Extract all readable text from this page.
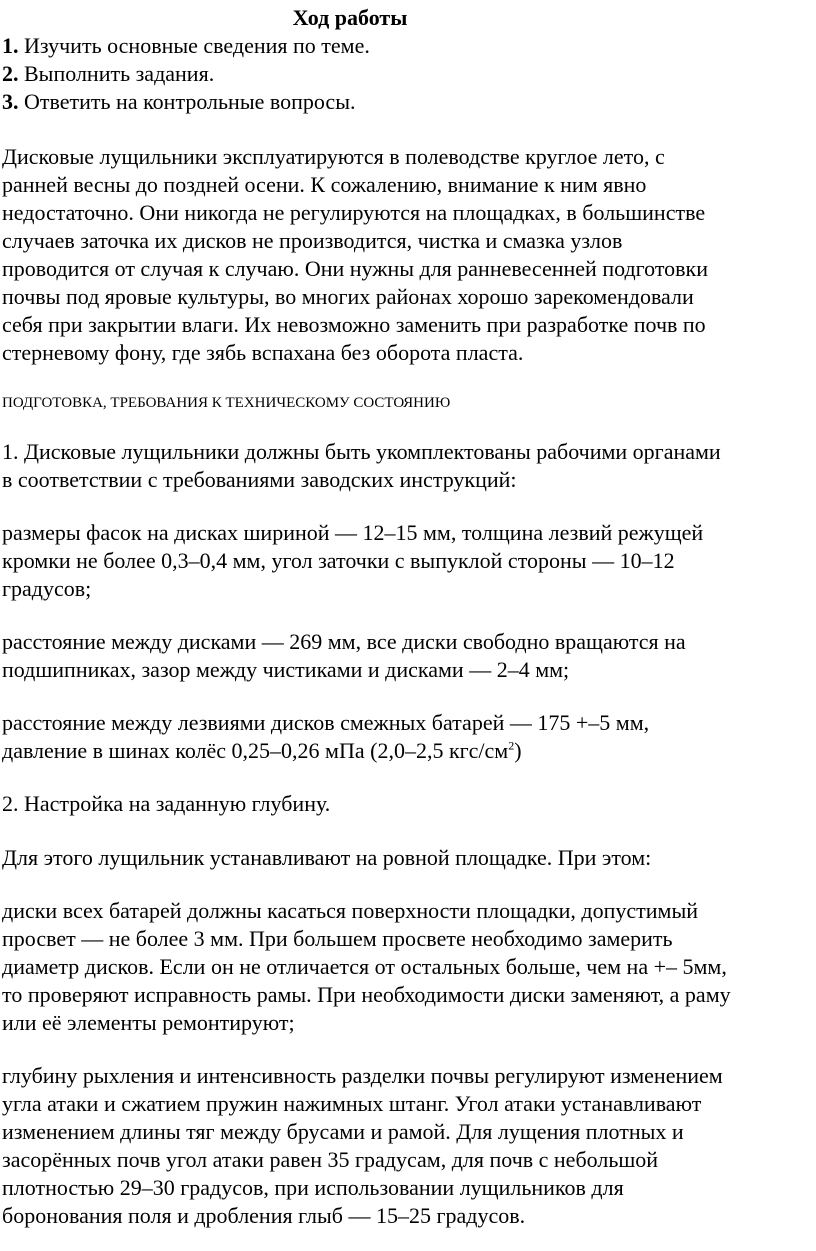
Ход работы
1. Изучить основные сведения по теме.
2. Выполнить задания.
3. Ответить на контрольные вопросы.
Дисковые лущильники эксплуатируются в полеводстве круглое лето, с
ранней весны до поздней осени. К сожалению, внимание к ним явно
недостаточно. Они никогда не регулируются на площадках, в большинстве
случаев заточка их дисков не производится, чистка и смазка узлов
проводится от случая к случаю. Они нужны для ранневесенней подготовки
почвы под яровые культуры, во многих районах хорошо зарекомендовали
себя при закрытии влаги. Их невозможно заменить при разработке почв по
стерневому фону, где зябь вспахана без оборота пласта.
ПОДГОТОВКА, ТРЕБОВАНИЯ К ТЕХНИЧЕСКОМУ СОСТОЯНИЮ
1. Дисковые лущильники должны быть укомплектованы рабочими органами
в соответствии с требованиями заводских инструкций:
размеры фасок на дисках шириной — 12–15 мм, толщина лезвий режущей
кромки не более 0,3–0,4 мм, угол заточки с выпуклой стороны — 10–12
градусов;
расстояние между дисками — 269 мм, все диски свободно вращаются на
подшипниках, зазор между чистиками и дисками — 2–4 мм;
расстояние между лезвиями дисков смежных батарей — 175 +–5 мм,
давление в шинах колёс 0,25–0,26 мПа (2,0–2,5 кгс/$см^2$)
2. Настройка на заданную глубину.
Для этого лущильник устанавливают на ровной площадке. При этом:
диски всех батарей должны касаться поверхности площадки, допустимый
просвет — не более 3 мм. При большем просвете необходимо замерить
диаметр дисков. Если он не отличается от остальных больше, чем на +– 5мм,
то проверяют исправность рамы. При необходимости диски заменяют, а раму
или её элементы ремонтируют;
глубину рыхления и интенсивность разделки почвы регулируют изменением
угла атаки и сжатием пружин нажимных штанг. Угол атаки устанавливают
изменением длины тяг между брусами и рамой. Для лущения плотных и
засорённых почв угол атаки равен 35 градусам, для почв с небольшой
плотностью 29–30 градусов, при использовании лущильников для
боронования поля и дробления глыб — 15–25 градусов.
